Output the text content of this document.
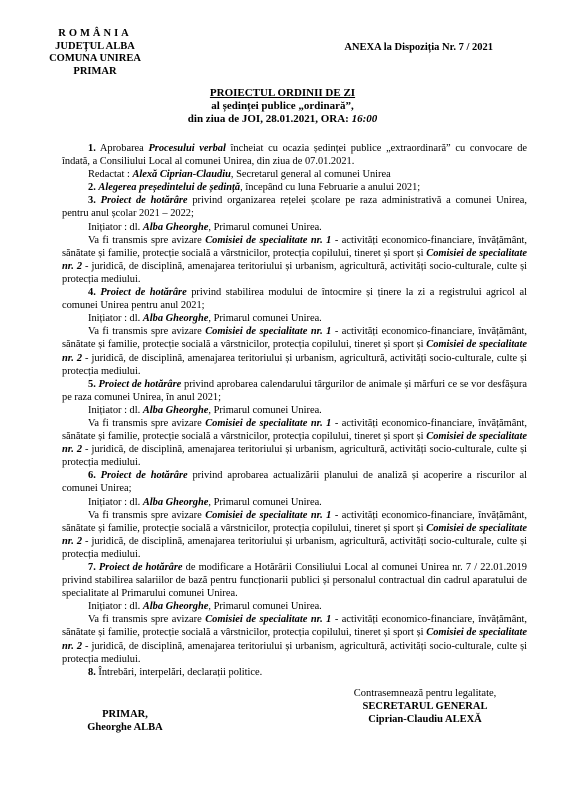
ROMÂNIA
JUDEȚUL ALBA
COMUNA UNIREA
PRIMAR
ANEXA la Dispoziția Nr. 7 / 2021
PROIECTUL ORDINII DE ZI
al ședinței publice „ordinară”,
din ziua de JOI, 28.01.2021, ORA: 16:00

1. Aprobarea Procesului verbal încheiat cu ocazia ședinței publice „extraordinară” cu convocare de îndată, a Consiliului Local al comunei Unirea, din ziua de 07.01.2021.

Redactat : Alexă Ciprian-Claudiu, Secretarul general al comunei Unirea

2. Alegerea președintelui de ședință, începând cu luna Februarie a anului 2021;

3. Proiect de hotărâre privind organizarea rețelei școlare pe raza administrativă a comunei Unirea, pentru anul școlar 2021 – 2022;

Inițiator : dl. Alba Gheorghe, Primarul comunei Unirea.

Va fi transmis spre avizare Comisiei de specialitate nr. 1 - activități economico-financiare, învățământ, sănătate și familie, protecție socială a vârstnicilor, protecția copilului, tineret și sport și Comisiei de specialitate nr. 2 - juridică, de disciplină, amenajarea teritoriului și urbanism, agricultură, activități socio-culturale, culte și protecția mediului.

4. Proiect de hotărâre privind stabilirea modului de întocmire și ținere la zi a registrului agricol al comunei Unirea pentru anul 2021;

Inițiator : dl. Alba Gheorghe, Primarul comunei Unirea.

Va fi transmis spre avizare Comisiei de specialitate nr. 1 - activități economico-financiare, învățământ, sănătate și familie, protecție socială a vârstnicilor, protecția copilului, tineret și sport și Comisiei de specialitate nr. 2 - juridică, de disciplină, amenajarea teritoriului și urbanism, agricultură, activități socio-culturale, culte și protecția mediului.

5. Proiect de hotărâre privind aprobarea calendarului târgurilor de animale și mărfuri ce se vor desfășura pe raza comunei Unirea, în anul 2021;

Inițiator : dl. Alba Gheorghe, Primarul comunei Unirea.

Va fi transmis spre avizare Comisiei de specialitate nr. 1 - activități economico-financiare, învățământ, sănătate și familie, protecție socială a vârstnicilor, protecția copilului, tineret și sport și Comisiei de specialitate nr. 2 - juridică, de disciplină, amenajarea teritoriului și urbanism, agricultură, activități socio-culturale, culte și protecția mediului.

6. Proiect de hotărâre privind aprobarea actualizării planului de analiză și acoperire a riscurilor al comunei Unirea;

Inițiator : dl. Alba Gheorghe, Primarul comunei Unirea.

Va fi transmis spre avizare Comisiei de specialitate nr. 1 - activități economico-financiare, învățământ, sănătate și familie, protecție socială a vârstnicilor, protecția copilului, tineret și sport și Comisiei de specialitate nr. 2 - juridică, de disciplină, amenajarea teritoriului și urbanism, agricultură, activități socio-culturale, culte și protecția mediului.

7. Proiect de hotărâre de modificare a Hotărârii Consiliului Local al comunei Unirea nr. 7 / 22.01.2019 privind stabilirea salariilor de bază pentru funcționarii publici și personalul contractual din cadrul aparatului de specialitate al Primarului comunei Unirea.

Inițiator : dl. Alba Gheorghe, Primarul comunei Unirea.

Va fi transmis spre avizare Comisiei de specialitate nr. 1 - activități economico-financiare, învățământ, sănătate și familie, protecție socială a vârstnicilor, protecția copilului, tineret și sport și Comisiei de specialitate nr. 2 - juridică, de disciplină, amenajarea teritoriului și urbanism, agricultură, activități socio-culturale, culte și protecția mediului.

8. Întrebări, interpelări, declarații politice.

PRIMAR,
Gheorghe ALBA
Contrasemnează pentru legalitate,
SECRETARUL GENERAL
Ciprian-Claudiu ALEXĂ
